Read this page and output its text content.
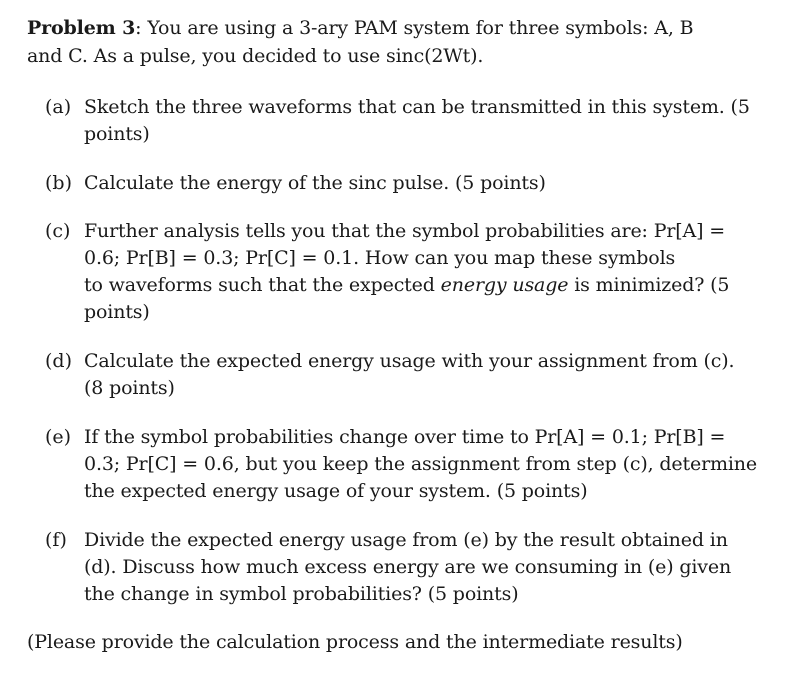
Problem 3: You are using a 3-ary PAM system for three symbols: A, B
and C. As a pulse, you decided to use sinc(2Wt).
(a) Sketch the three waveforms that can be transmitted in this system. (5
points)
(b) Calculate the energy of the sinc pulse. (5 points)
(c) Further analysis tells you that the symbol probabilities are: Pr[A] =
0.6; Pr[B] = 0.3; Pr[C] = 0.1. How can you map these symbols
to waveforms such that the expected energy usage is minimized? (5
points)
(d) Calculate the expected energy usage with your assignment from (c).
(8 points)
(e) If the symbol probabilities change over time to Pr[A] = 0.1; Pr[B] =
0.3; Pr[C] = 0.6, but you keep the assignment from step (c), determine
the expected energy usage of your system. (5 points)
(f) Divide the expected energy usage from (e) by the result obtained in
(d). Discuss how much excess energy are we consuming in (e) given
the change in symbol probabilities? (5 points)
(Please provide the calculation process and the intermediate results)
